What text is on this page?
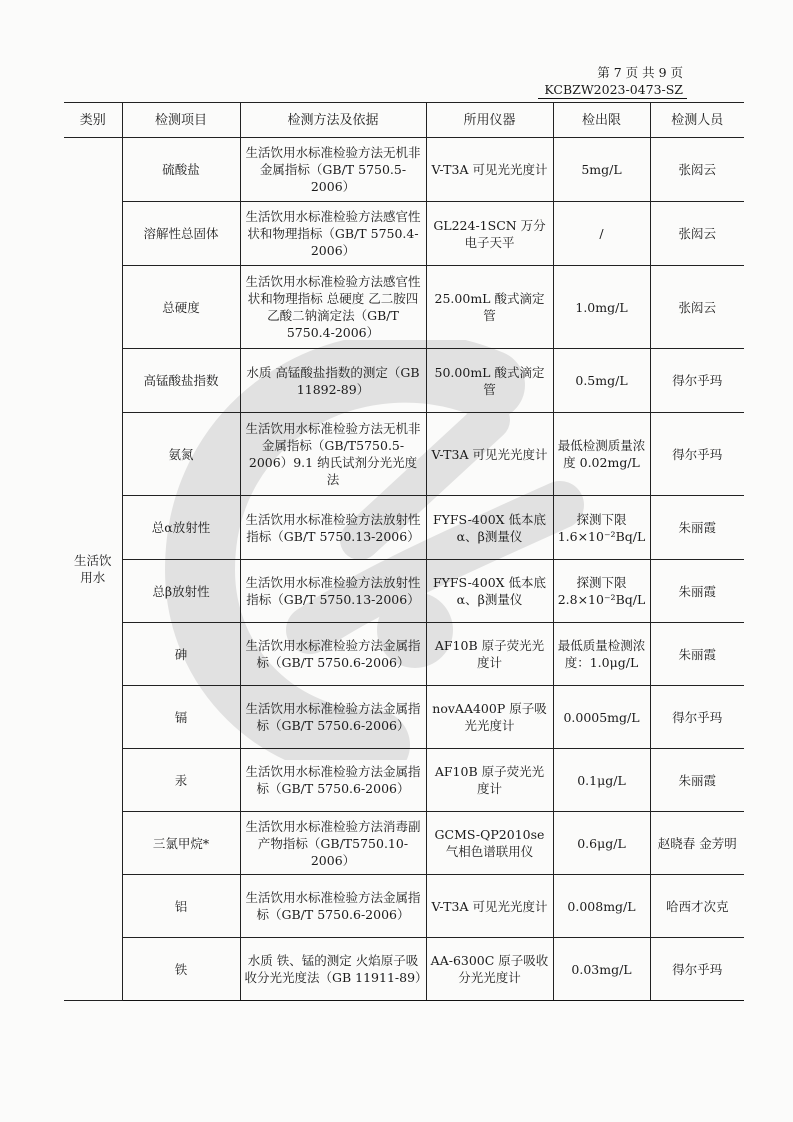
第 7 页 共 9 页
KCBZW2023-0473-SZ
类别	检测项目	检测方法及依据	所用仪器	检出限	检测人员
生活饮用水	硫酸盐	生活饮用水标准检验方法无机非金属指标（GB/T 5750.5-2006）	V-T3A 可见光光度计	5mg/L	张闳云
	溶解性总固体	生活饮用水标准检验方法感官性状和物理指标（GB/T 5750.4-2006）	GL224-1SCN 万分电子天平	/	张闳云
	总硬度	生活饮用水标准检验方法感官性状和物理指标 总硬度 乙二胺四乙酸二钠滴定法（GB/T 5750.4-2006）	25.00mL 酸式滴定管	1.0mg/L	张闳云
	高锰酸盐指数	水质 高锰酸盐指数的测定（GB 11892-89）	50.00mL 酸式滴定管	0.5mg/L	得尔乎玛
	氨氮	生活饮用水标准检验方法无机非金属指标（GB/T5750.5-2006）9.1 纳氏试剂分光光度法	V-T3A 可见光光度计	最低检测质量浓度 0.02mg/L	得尔乎玛
	总α放射性	生活饮用水标准检验方法放射性指标（GB/T 5750.13-2006）	FYFS-400X 低本底α、β测量仪	探测下限 1.6×10⁻²Bq/L	朱丽霞
	总β放射性	生活饮用水标准检验方法放射性指标（GB/T 5750.13-2006）	FYFS-400X 低本底α、β测量仪	探测下限 2.8×10⁻²Bq/L	朱丽霞
	砷	生活饮用水标准检验方法金属指标（GB/T 5750.6-2006）	AF10B 原子荧光光度计	最低质量检测浓度：1.0μg/L	朱丽霞
	镉	生活饮用水标准检验方法金属指标（GB/T 5750.6-2006）	novAA400P 原子吸光光度计	0.0005mg/L	得尔乎玛
	汞	生活饮用水标准检验方法金属指标（GB/T 5750.6-2006）	AF10B 原子荧光光度计	0.1μg/L	朱丽霞
	三氯甲烷*	生活饮用水标准检验方法消毒副产物指标（GB/T5750.10-2006）	GCMS-QP2010se 气相色谱联用仪	0.6μg/L	赵晓春 金芳明
	铝	生活饮用水标准检验方法金属指标（GB/T 5750.6-2006）	V-T3A 可见光光度计	0.008mg/L	哈西才次克
	铁	水质 铁、锰的测定 火焰原子吸收分光光度法（GB 11911-89）	AA-6300C 原子吸收分光光度计	0.03mg/L	得尔乎玛
